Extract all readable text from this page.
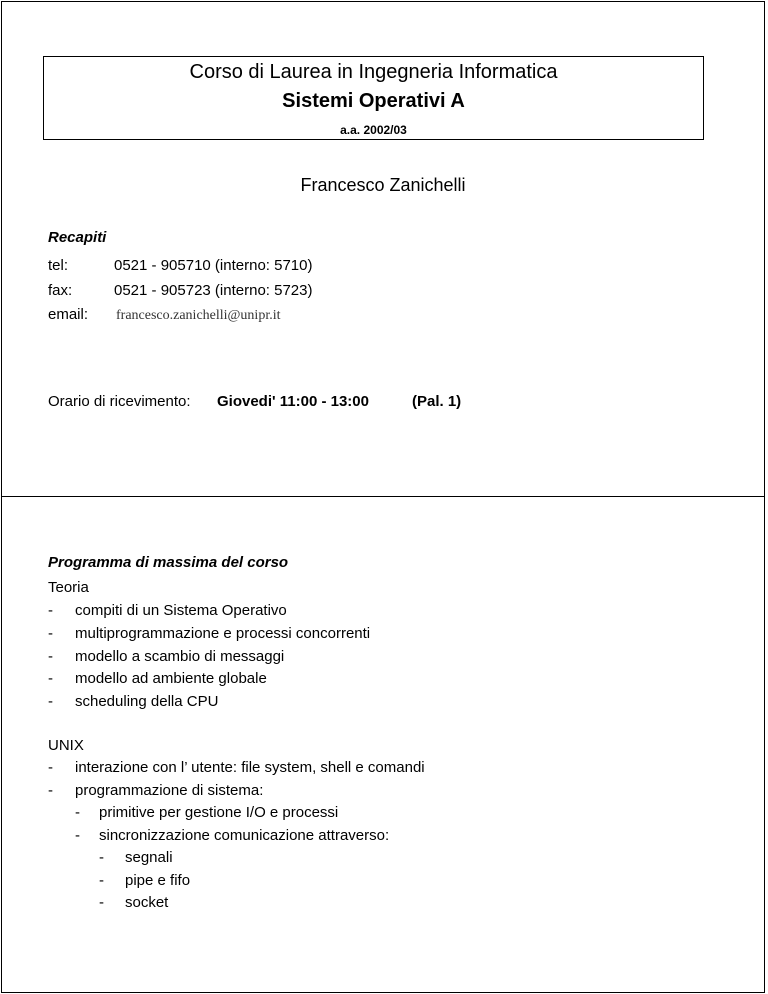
Corso di Laurea in Ingegneria Informatica
Sistemi Operativi A
a.a. 2002/03
Francesco Zanichelli
Recapiti
tel:	0521 - 905710 (interno: 5710)
fax:	0521 - 905723 (interno: 5723)
email: francesco.zanichelli@unipr.it
Orario di ricevimento: Giovedi' 11:00 - 13:00	(Pal. 1)
Programma di massima del corso
Teoria
- compiti di un Sistema Operativo
- multiprogrammazione e processi concorrenti
- modello a scambio di messaggi
- modello ad ambiente globale
- scheduling della CPU
UNIX
- interazione con l’ utente: file system, shell e comandi
- programmazione di sistema:
- primitive per gestione I/O e processi
- sincronizzazione comunicazione attraverso:
- segnali
- pipe e fifo
- socket
